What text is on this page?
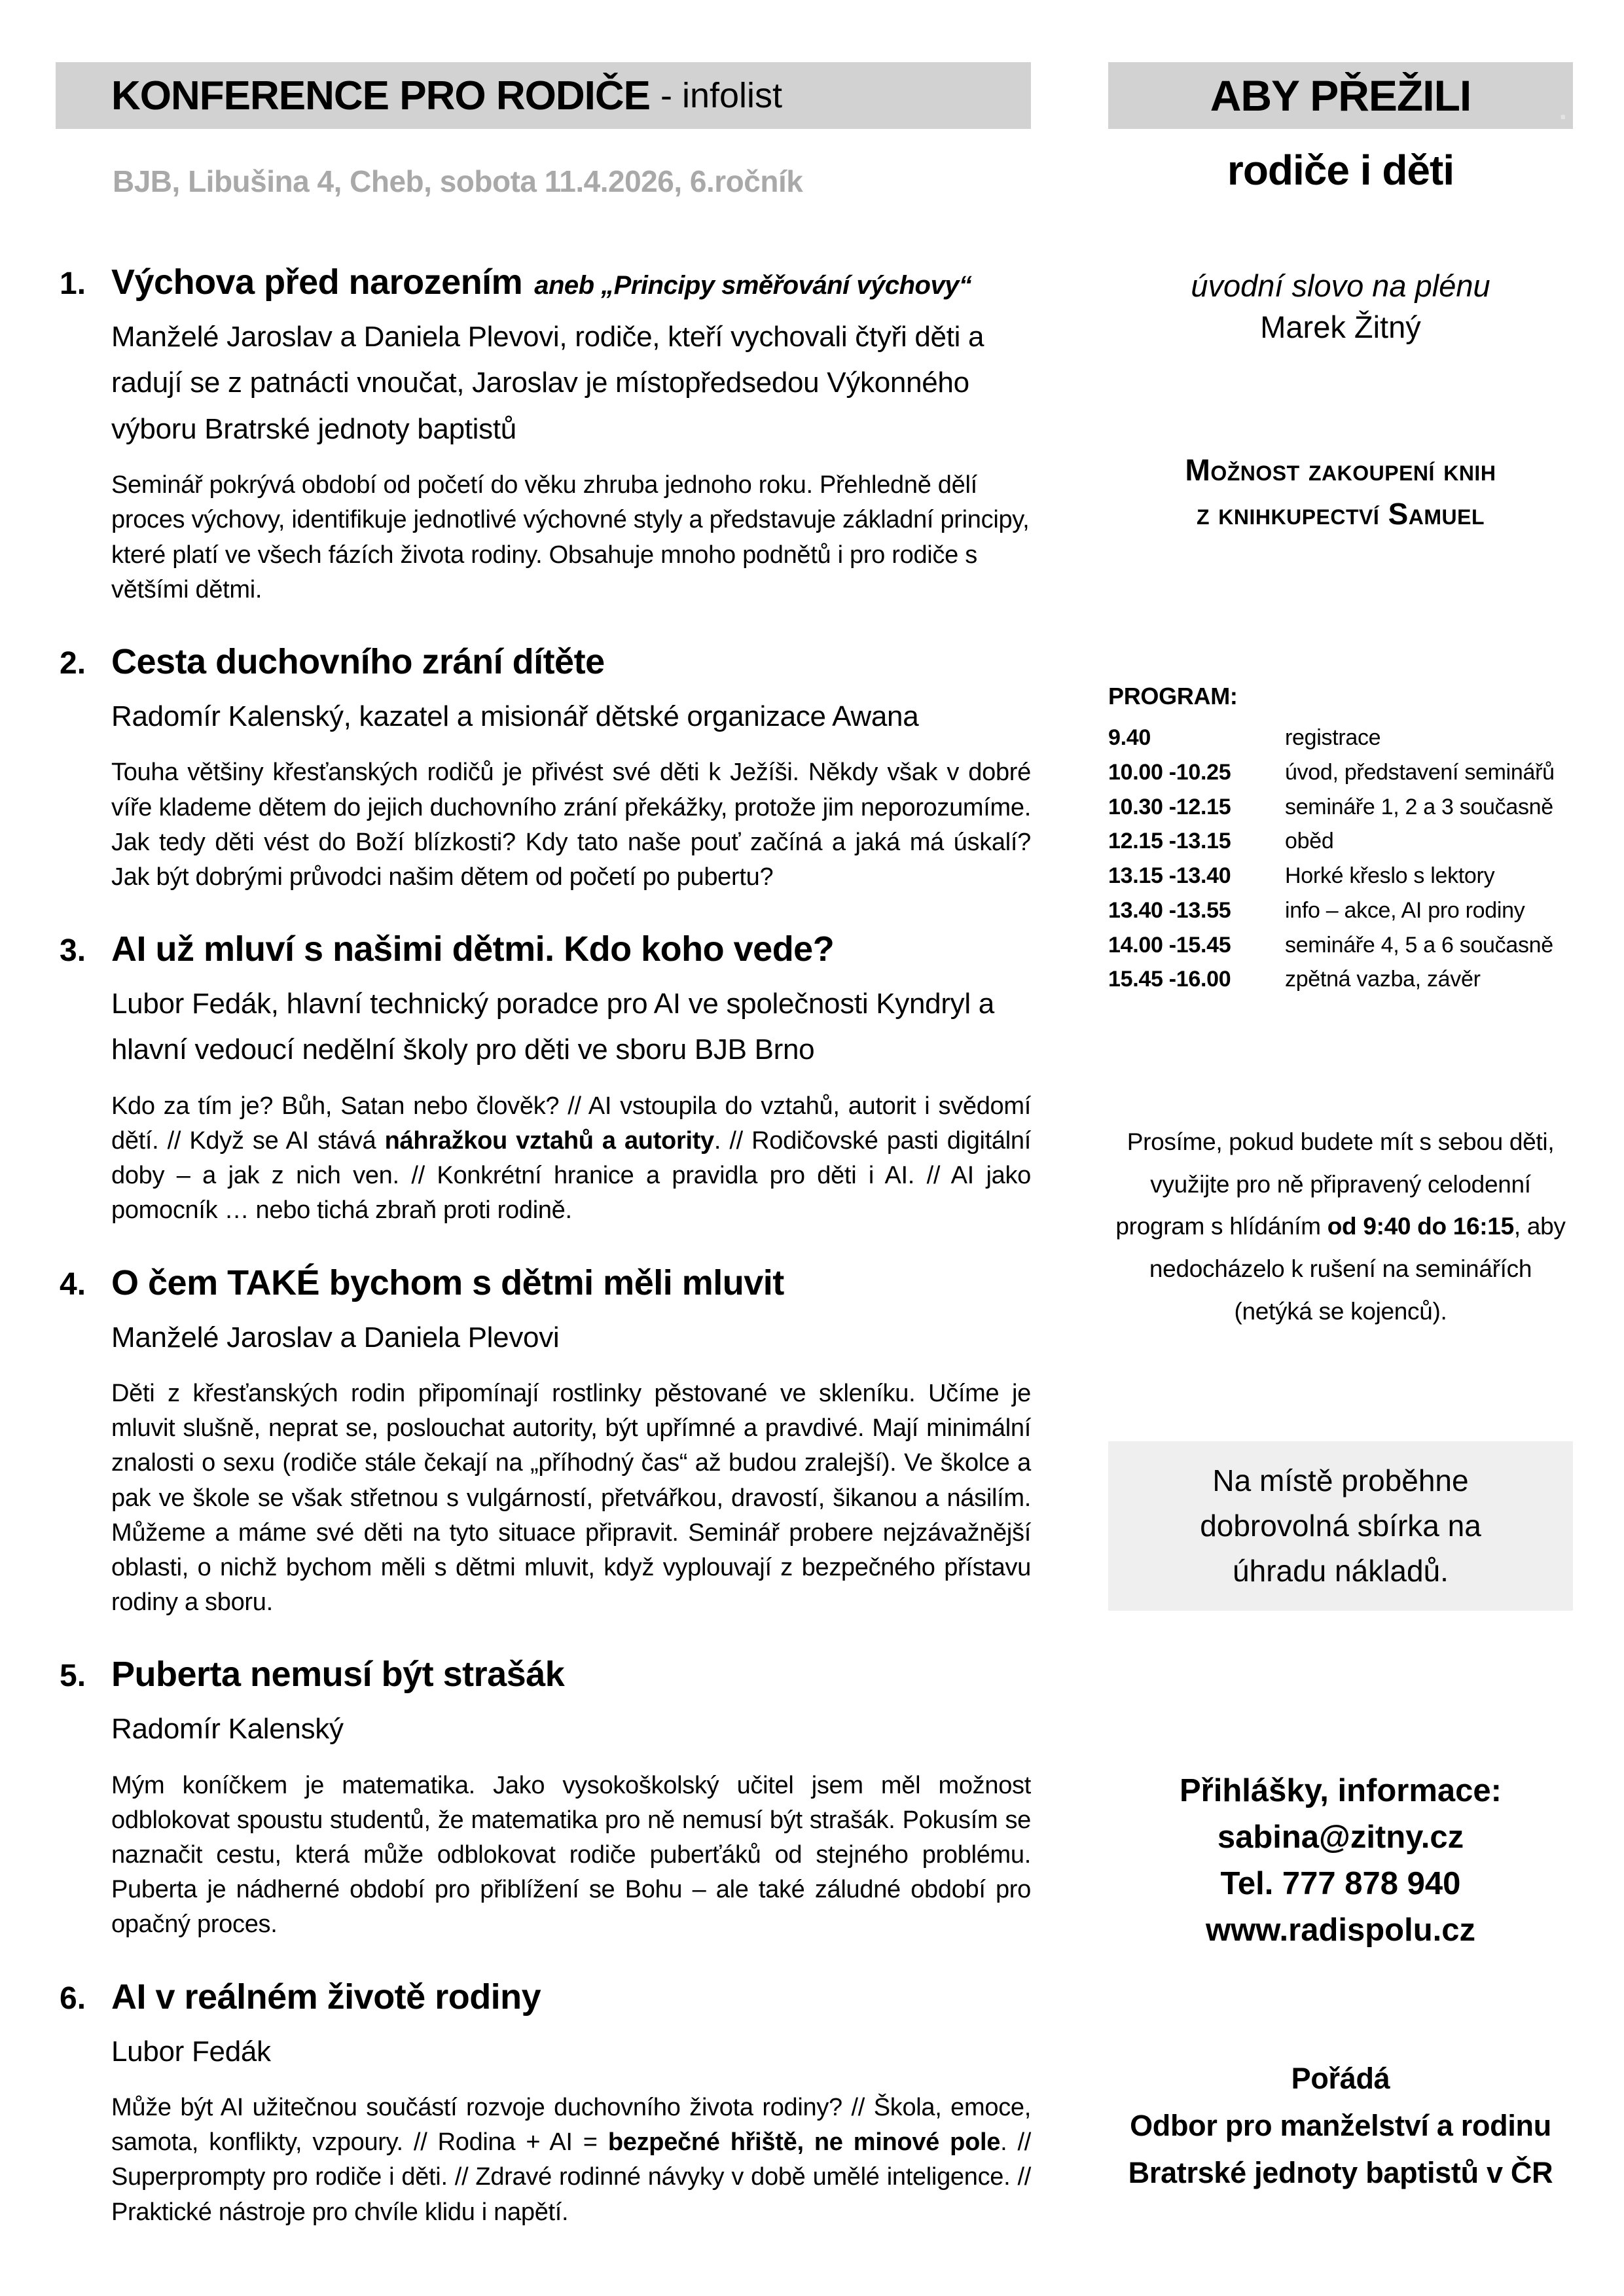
KONFERENCE PRO RODIČE - infolist
BJB, Libušina 4, Cheb, sobota 11.4.2026, 6.ročník
1. Výchova před narozením aneb „Principy směřování výchovy“
Manželé Jaroslav a Daniela Plevovi, rodiče, kteří vychovali čtyři děti a radují se z patnácti vnoučat, Jaroslav je místopředsedou Výkonného výboru Bratrské jednoty baptistů
Seminář pokrývá období od početí do věku zhruba jednoho roku. Přehledně dělí proces výchovy, identifikuje jednotlivé výchovné styly a představuje základní principy, které platí ve všech fázích života rodiny. Obsahuje mnoho podnětů i pro rodiče s většími dětmi.
2. Cesta duchovního zrání dítěte
Radomír Kalenský, kazatel a misionář dětské organizace Awana
Touha většiny křesťanských rodičů je přivést své děti k Ježíši. Někdy však v dobré víře klademe dětem do jejich duchovního zrání překážky, protože jim neporozumíme. Jak tedy děti vést do Boží blízkosti? Kdy tato naše pouť začíná a jaká má úskalí? Jak být dobrými průvodci našim dětem od početí po pubertu?
3. AI už mluví s našimi dětmi. Kdo koho vede?
Lubor Fedák, hlavní technický poradce pro AI ve společnosti Kyndryl a hlavní vedoucí nedělní školy pro děti ve sboru BJB Brno
Kdo za tím je? Bůh, Satan nebo člověk? // AI vstoupila do vztahů, autorit i svědomí dětí. // Když se AI stává náhražkou vztahů a autority. // Rodičovské pasti digitální doby – a jak z nich ven. // Konkrétní hranice a pravidla pro děti i AI. // AI jako pomocník … nebo tichá zbraň proti rodině.
4. O čem TAKÉ bychom s dětmi měli mluvit
Manželé Jaroslav a Daniela Plevovi
Děti z křesťanských rodin připomínají rostlinky pěstované ve skleníku. Učíme je mluvit slušně, neprat se, poslouchat autority, být upřímné a pravdivé. Mají minimální znalosti o sexu (rodiče stále čekají na „příhodný čas“ až budou zralejší). Ve školce a pak ve škole se však střetnou s vulgárností, přetvářkou, dravostí, šikanou a násilím. Můžeme a máme své děti na tyto situace připravit. Seminář probere nejzávažnější oblasti, o nichž bychom měli s dětmi mluvit, když vyplouvají z bezpečného přístavu rodiny a sboru.
5. Puberta nemusí být strašák
Radomír Kalenský
Mým koníčkem je matematika. Jako vysokoškolský učitel jsem měl možnost odblokovat spoustu studentů, že matematika pro ně nemusí být strašák. Pokusím se naznačit cestu, která může odblokovat rodiče puberťáků od stejného problému. Puberta je nádherné období pro přiblížení se Bohu – ale také záludné období pro opačný proces.
6. AI v reálném životě rodiny
Lubor Fedák
Může být AI užitečnou součástí rozvoje duchovního života rodiny? // Škola, emoce, samota, konflikty, vzpoury. // Rodina + AI = bezpečné hřiště, ne minové pole. // Superprompty pro rodiče i děti. // Zdravé rodinné návyky v době umělé inteligence. // Praktické nástroje pro chvíle klidu i napětí.
ABY PŘEŽILI	.
rodiče i děti
úvodní slovo na plénu
Marek Žitný
Možnost zakoupení knih
z knihkupectví Samuel
PROGRAM:
9.40	registrace
10.00 -10.25	úvod, představení seminářů
10.30 -12.15	semináře 1, 2 a 3 současně
12.15 -13.15	oběd
13.15 -13.40	Horké křeslo s lektory
13.40 -13.55	info – akce, AI pro rodiny
14.00 -15.45	semináře 4, 5 a 6 současně
15.45 -16.00	zpětná vazba, závěr
Prosíme, pokud budete mít s sebou děti, využijte pro ně připravený celodenní program s hlídáním od 9:40 do 16:15, aby nedocházelo k rušení na seminářích (netýká se kojenců).
Na místě proběhne dobrovolná sbírka na úhradu nákladů.
Přihlášky, informace:
sabina@zitny.cz
Tel. 777 878 940
www.radispolu.cz
Pořádá
Odbor pro manželství a rodinu
Bratrské jednoty baptistů v ČR
